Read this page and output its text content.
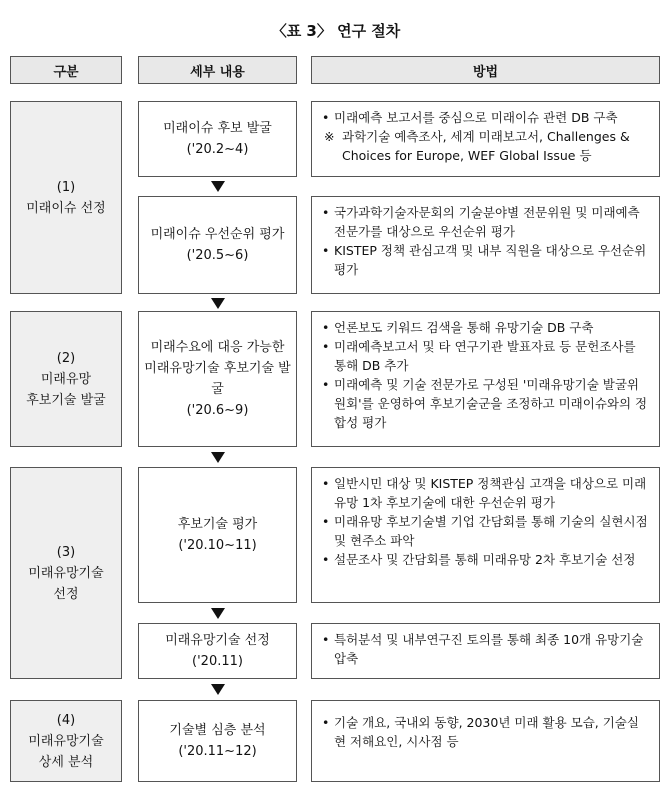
〈표 3〉 연구 절차
구분	세부 내용	방법
(1)
미래이슈 선정
(2)
미래유망
후보기술 발굴
(3)
미래유망기술
선정
(4)
미래유망기술
상세 분석
미래이슈 후보 발굴
('20.2~4)
• 미래예측 보고서를 중심으로 미래이슈 관련 DB 구축
※ 과학기술 예측조사, 세계 미래보고서, Challenges & Choices for Europe, WEF Global Issue 등
미래이슈 우선순위 평가
('20.5~6)
• 국가과학기술자문회의 기술분야별 전문위원 및 미래예측 전문가를 대상으로 우선순위 평가
• KISTEP 정책 관심고객 및 내부 직원을 대상으로 우선순위 평가
미래수요에 대응 가능한 미래유망기술 후보기술 발굴
('20.6~9)
• 언론보도 키워드 검색을 통해 유망기술 DB 구축
• 미래예측보고서 및 타 연구기관 발표자료 등 문헌조사를 통해 DB 추가
• 미래예측 및 기술 전문가로 구성된 '미래유망기술 발굴위원회'를 운영하여 후보기술군을 조정하고 미래이슈와의 정합성 평가
후보기술 평가
('20.10~11)
• 일반시민 대상 및 KISTEP 정책관심 고객을 대상으로 미래유망 1차 후보기술에 대한 우선순위 평가
• 미래유망 후보기술별 기업 간담회를 통해 기술의 실현시점 및 현주소 파악
• 설문조사 및 간담회를 통해 미래유망 2차 후보기술 선정
미래유망기술 선정
('20.11)
• 특허분석 및 내부연구진 토의를 통해 최종 10개 유망기술 압축
기술별 심층 분석
('20.11~12)
• 기술 개요, 국내외 동향, 2030년 미래 활용 모습, 기술실현 저해요인, 시사점 등
